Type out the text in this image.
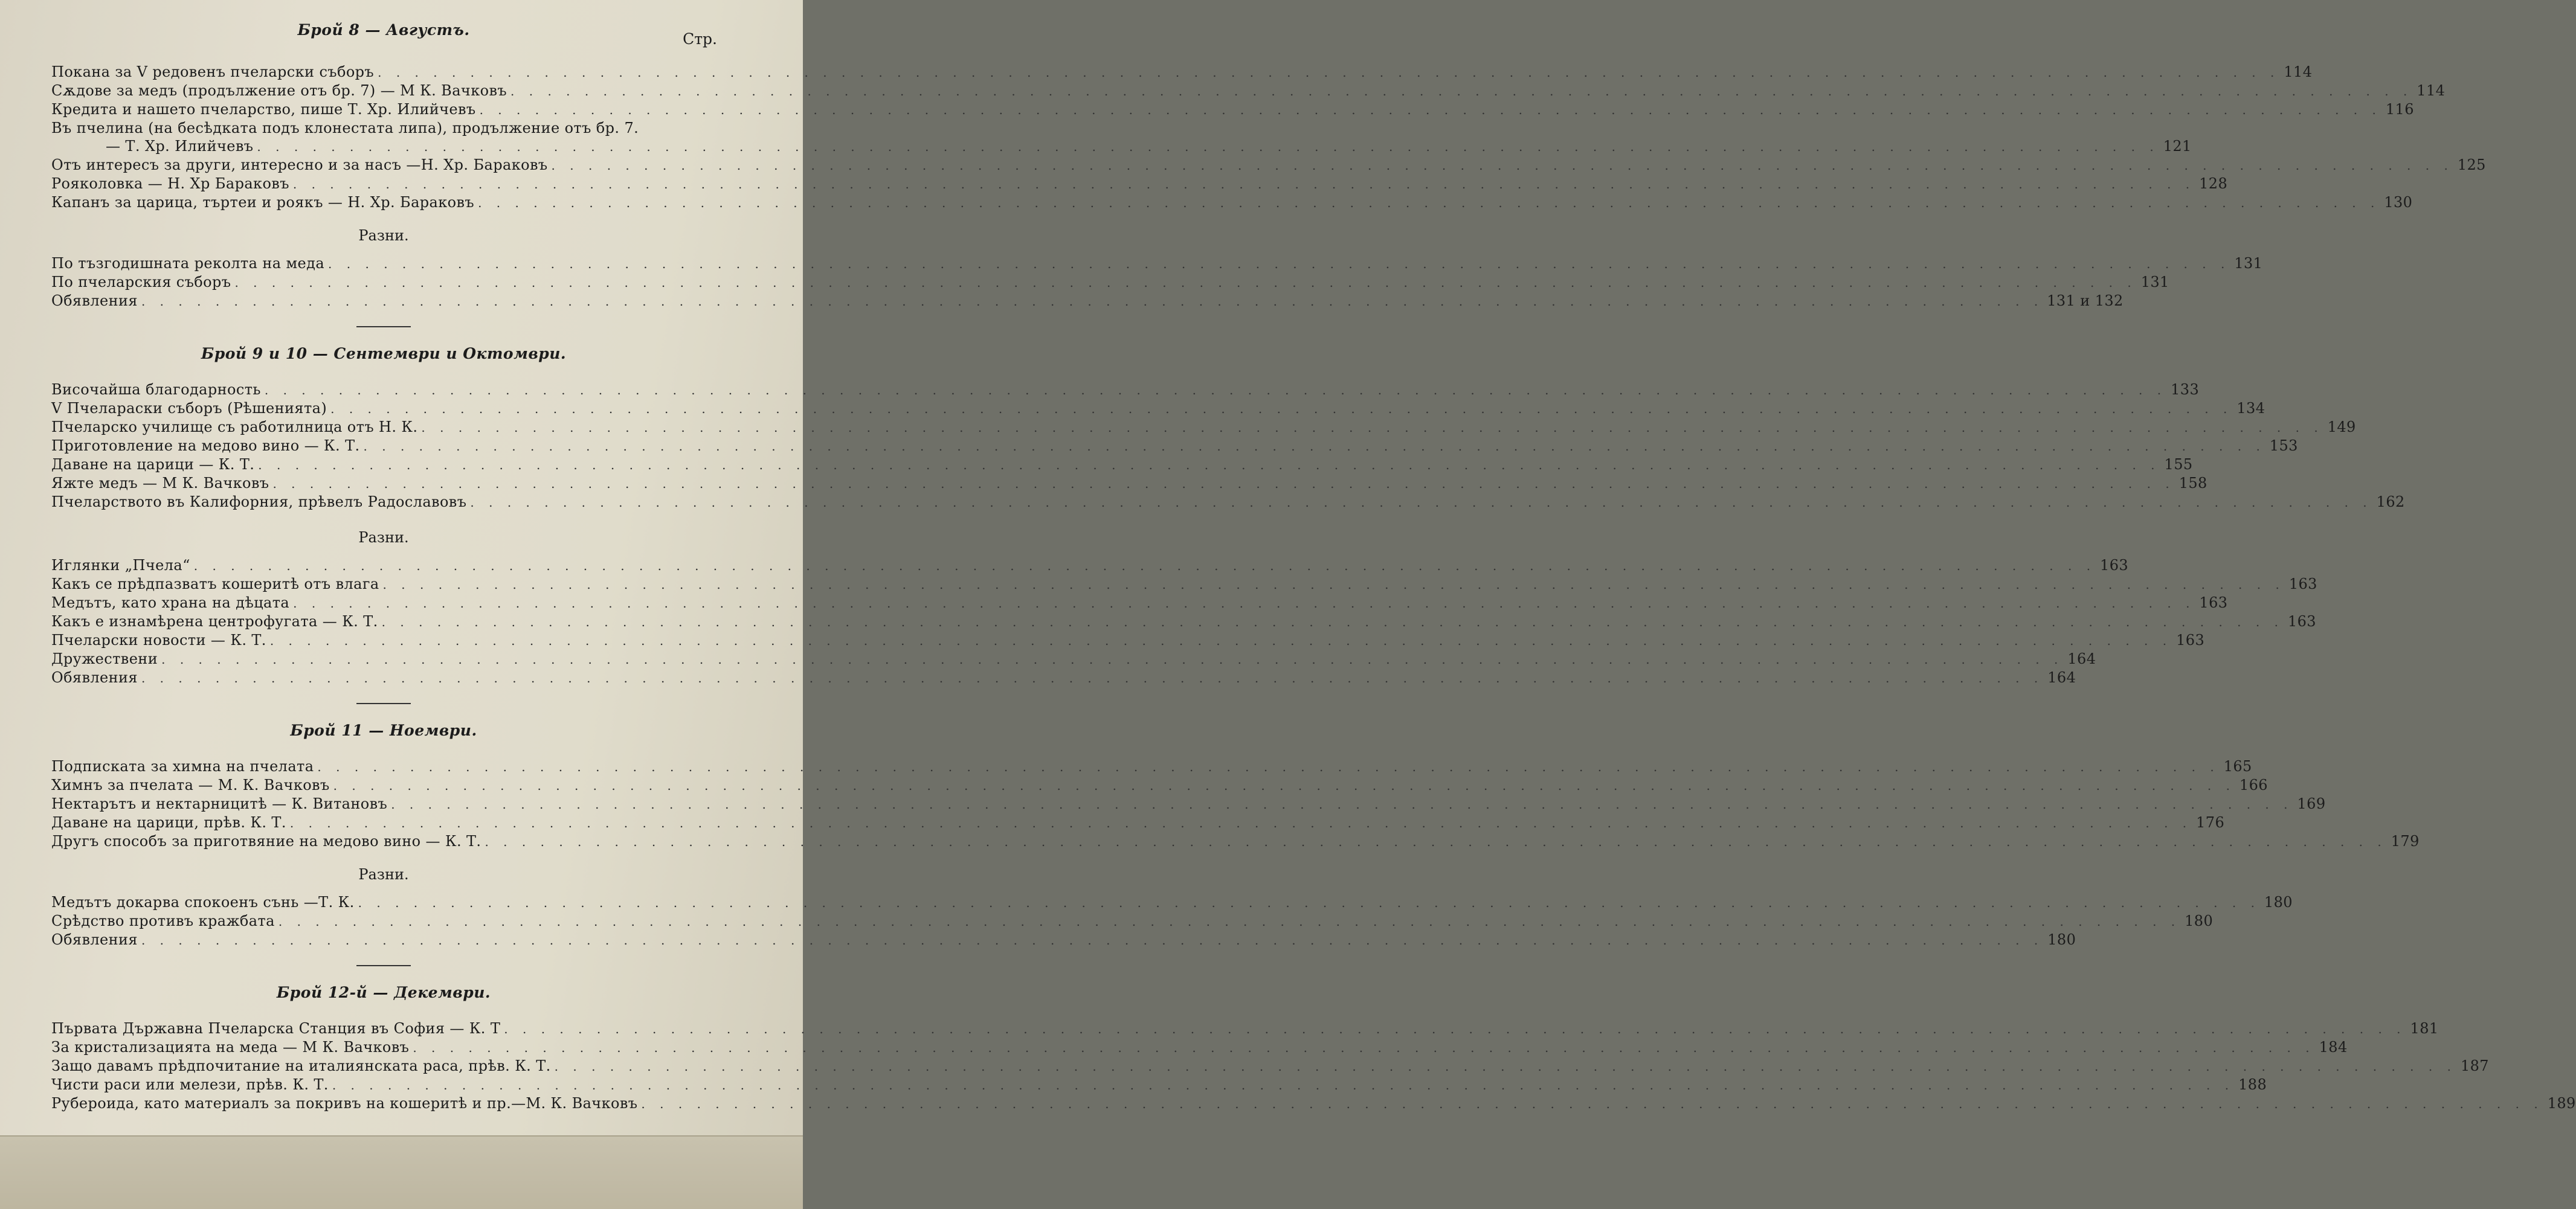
Стр.
Брой 8 — Августъ.
Покана за V редовенъ пчеларски съборъ . . .	114
Сѫдове за медъ (продължение отъ бр. 7) — М К. Вачковъ . . .	114
Кредита и нашето пчеларство, пише Т. Хр. Илийчевъ . . .	116
Въ пчелина (на бесѣдката подъ клонестата липа), продължение отъ бр. 7.
— Т. Хр. Илийчевъ . . .	121
Отъ интересъ за други, интересно и за насъ —Н. Хр. Бараковъ . . .	125
Рояколовка — Н. Хр Бараковъ . . .	128
Капанъ за царица, търтеи и роякъ — Н. Хр. Бараковъ . . .	130
Разни.
По тъзгодишната реколта на меда . . .	131
По пчеларския съборъ . . .	131
Обявления . . .	131 и 132
Брой 9 и 10 — Сентември и Октомври.
Височайша благодарность . . .	133
V Пчелараски съборъ (Рѣшенията) . . .	134
Пчеларско училище съ работилница отъ Н. К. . . .	149
Приготовление на медово вино — К. Т. . . .	153
Даване на царици — К. Т. . . .	155
Яжте медъ — М К. Вачковъ . . .	158
Пчеларството въ Калифорния, прѣвелъ Радославовъ . . .	162
Разни.
Иглянки „Пчела“ . . .	163
Какъ се прѣдпазватъ кошеритѣ отъ влага . . .	163
Медътъ, като храна на дѣцата . . .	163
Какъ е изнамѣрена центрофугата — К. Т. . . .	163
Пчеларски новости — К. Т. . . .	163
Дружествени . . .	164
Обявления . . .	164
Брой 11 — Ноември.
Подписката за химна на пчелата . . .	165
Химнъ за пчелата — М. К. Вачковъ . . .	166
Нектарътъ и нектарницитѣ — К. Витановъ . . .	169
Даване на царици, прѣв. К. Т. . . .	176
Другъ способъ за приготвяние на медово вино — К. Т. . . .	179
Разни.
Медътъ докарва спокоенъ сънь —Т. К. . . .	180
Срѣдство противъ кражбата . . .	180
Обявления . . .	180
Брой 12-й — Декември.
Първата Държавна Пчеларска Станция въ София — К. Т . . .	181
За кристализацията на меда — М К. Вачковъ . . .	184
Защо давамъ прѣдпочитание на италиянската раса, прѣв. К. Т. . . .	187
Чисти раси или мелези, прѣв. К. Т. . . .	188
Рубероида, като материалъ за покривъ на кошеритѣ и пр.—М. К. Вачковъ . . .	189
